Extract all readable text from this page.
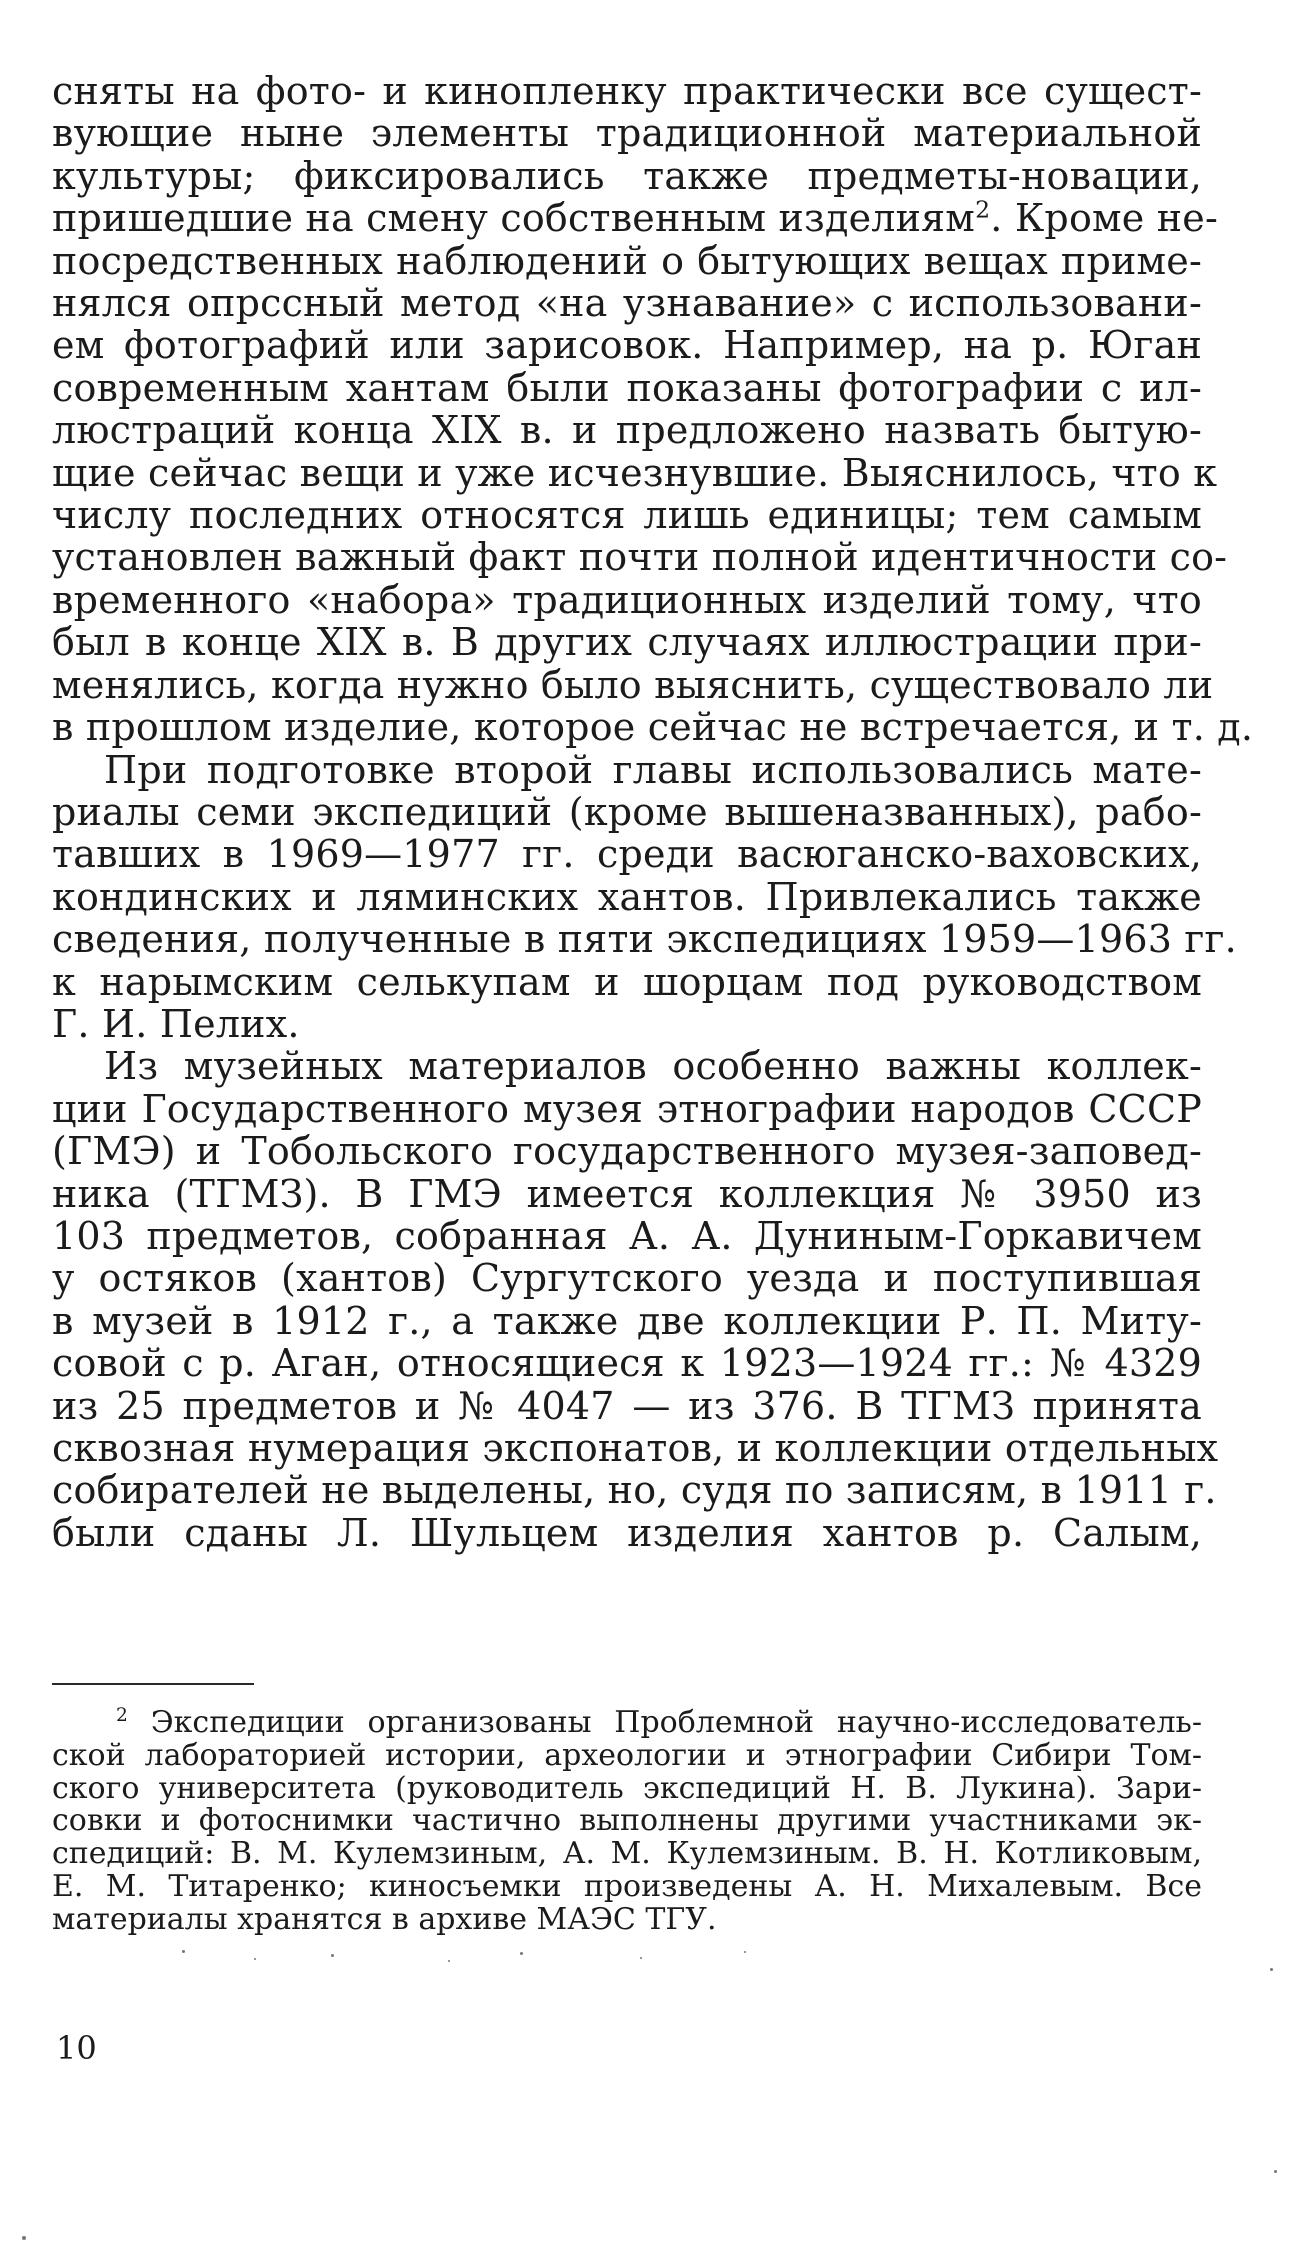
сняты на фото- и кинопленку практически все сущест-

вующие ныне элементы традиционной материальной

культуры; фиксировались также предметы-новации,

пришедшие на смену собственным изделиям$^2$. Кроме не-

посредственных наблюдений о бытующих вещах приме-

нялся опрссный метод «на узнавание» с использовани-

ем фотографий или зарисовок. Например, на р. Юган

современным хантам были показаны фотографии с ил-

люстраций конца XIX в. и предложено назвать бытую-

щие сейчас вещи и уже исчезнувшие. Выяснилось, что к

числу последних относятся лишь единицы; тем самым

установлен важный факт почти полной идентичности со-

временного «набора» традиционных изделий тому, что

был в конце XIX в. В других случаях иллюстрации при-

менялись, когда нужно было выяснить, существовало ли

в прошлом изделие, которое сейчас не встречается, и т. д.

При подготовке второй главы использовались мате-

риалы семи экспедиций (кроме вышеназванных), рабо-

тавших в 1969—1977 гг. среди васюганско-ваховских,

кондинских и ляминских хантов. Привлекались также

сведения, полученные в пяти экспедициях 1959—1963 гг.

к нарымским селькупам и шорцам под руководством

Г. И. Пелих.

Из музейных материалов особенно важны коллек-

ции Государственного музея этнографии народов СССР

(ГМЭ) и Тобольского государственного музея-заповед-

ника (ТГМЗ). В ГМЭ имеется коллекция № 3950 из

103 предметов, собранная А. А. Дуниным-Горкавичем

у остяков (хантов) Сургутского уезда и поступившая

в музей в 1912 г., а также две коллекции Р. П. Миту-

совой с р. Аган, относящиеся к 1923—1924 гг.: № 4329

из 25 предметов и № 4047 — из 376. В ТГМЗ принята

сквозная нумерация экспонатов, и коллекции отдельных

собирателей не выделены, но, судя по записям, в 1911 г.

были сданы Л. Шульцем изделия хантов р. Салым,

$^2$ Экспедиции организованы Проблемной научно-исследователь-

ской лабораторией истории, археологии и этнографии Сибири Том-

ского университета (руководитель экспедиций Н. В. Лукина). Зари-

совки и фотоснимки частично выполнены другими участниками эк-

спедиций: В. М. Кулемзиным, А. М. Кулемзиным. В. Н. Котликовым,

Е. М. Титаренко; киносъемки произведены А. Н. Михалевым. Все

материалы хранятся в архиве МАЭС ТГУ.

10
